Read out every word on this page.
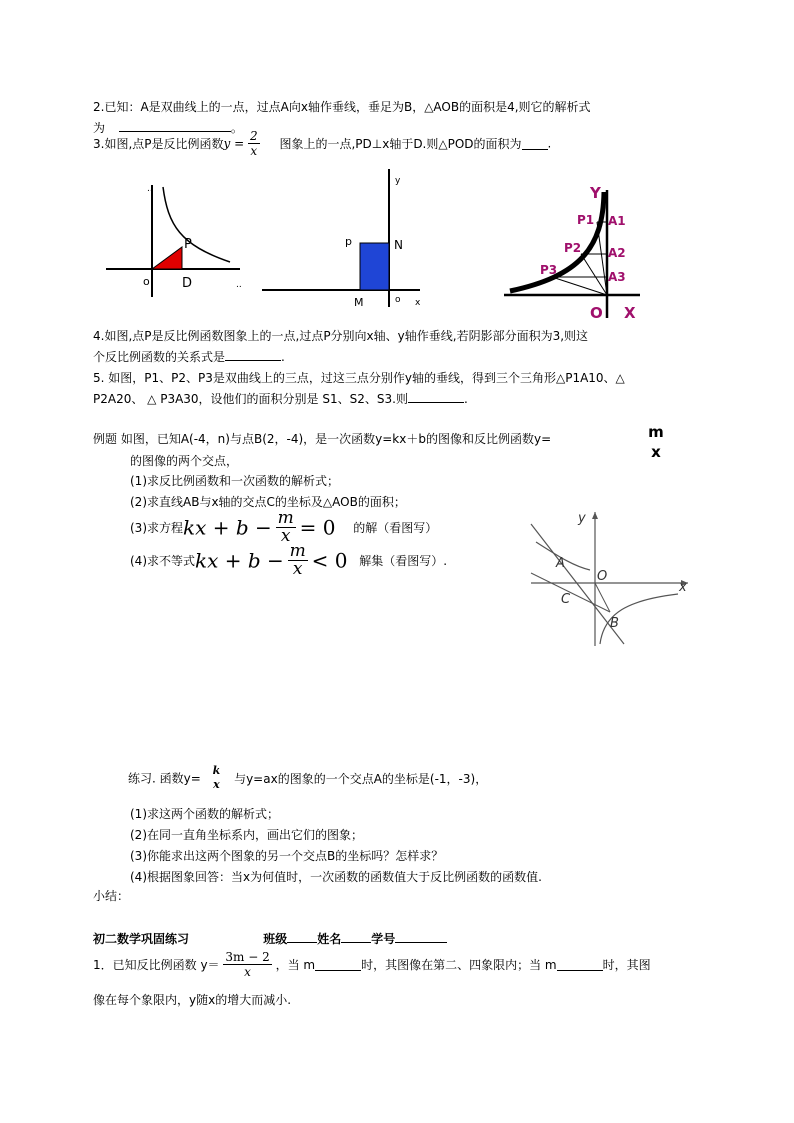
2.已知：A是双曲线上的一点，过点A向x轴作垂线，垂足为B，△AOB的面积是4,则它的解析式
为	。
3.如图,点P是反比例函数$y = \frac{2}{x}$ 图象上的一点,PD⊥x轴于D.则△POD的面积为 .
P
o D
..
..
y
p	N
M	o x
Y
P1 A1
P2 A2
P3	A3
O X
4.如图,点P是反比例函数图象上的一点,过点P分别向x轴、y轴作垂线,若阴影部分面积为3,则这
个反比例函数的关系式是	.
5. 如图，P1、P2、P3是双曲线上的三点，过这三点分别作y轴的垂线，得到三个三角形△P1A10、△
P2A20、 △ P3A30，设他们的面积分别是 S1、S2、S3.则	.
例题 如图，已知A(-4，n)与点B(2，-4)，是一次函数y=kx＋b的图像和反比例函数y=	m
x
的图像的两个交点，
(1)求反比例函数和一次函数的解析式；
(2)求直线AB与x轴的交点C的坐标及△AOB的面积；
(3)求方程kx + $b - \frac{m}{x} = 0$ 的解（看图写）
(4)求不等式kx + $b - \frac{m}{x} < 0$ 解集（看图写）.
y
A
O
x
C
B
练习. 函数y=
k
x 与y=ax的图象的一个交点A的坐标是(-1，-3)，
(1)求这两个函数的解析式；
(2)在同一直角坐标系内，画出它们的图象；
(3)你能求出这两个图象的另一个交点B的坐标吗？怎样求？
(4)根据图象回答：当x为何值时，一次函数的函数值大于反比例函数的函数值.
小结：
初二数学巩固练习	班级	姓名	学号
1．已知反比例函数 $y= \frac{3m - 2}{x}$ ，当 m	时，其图像在第二、四象限内；当 m	时，其图
像在每个象限内，y随x的增大而减小.
